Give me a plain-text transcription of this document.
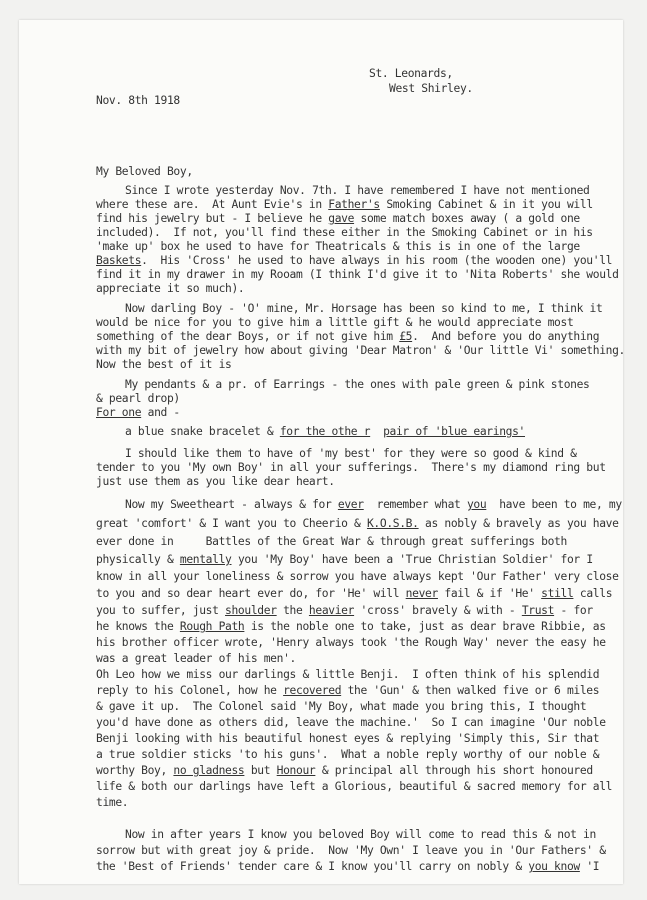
St. Leonards,
West Shirley.
Nov. 8th 1918
My Beloved Boy,
Since I wrote yesterday Nov. 7th. I have remembered I have not mentioned
where these are.  At Aunt Evie's in Father's Smoking Cabinet & in it you will
find his jewelry but - I believe he gave some match boxes away ( a gold one
included).  If not, you'll find these either in the Smoking Cabinet or in his
'make up' box he used to have for Theatricals & this is in one of the large
Baskets.  His 'Cross' he used to have always in his room (the wooden one) you'll
find it in my drawer in my Rooam (I think I'd give it to 'Nita Roberts' she would
appreciate it so much).
Now darling Boy - 'O' mine, Mr. Horsage has been so kind to me, I think it
would be nice for you to give him a little gift & he would appreciate most
something of the dear Boys, or if not give him £5.  And before you do anything
with my bit of jewelry how about giving 'Dear Matron' & 'Our little Vi' something.
Now the best of it is
My pendants & a pr. of Earrings - the ones with pale green & pink stones
& pearl drop)
For one and -
a blue snake bracelet & for the othe r pair of 'blue earings'
I should like them to have of 'my best' for they were so good & kind &
tender to you 'My own Boy' in all your sufferings.  There's my diamond ring but
just use them as you like dear heart.
Now my Sweetheart - always & for ever  remember what you  have been to me, my
great 'comfort' & I want you to Cheerio & K.O.S.B. as nobly & bravely as you have
ever done in     Battles of the Great War & through great sufferings both
physically & mentally you 'My Boy' have been a 'True Christian Soldier' for I
know in all your loneliness & sorrow you have always kept 'Our Father' very close
to you and so dear heart ever do, for 'He' will never fail & if 'He' still calls
you to suffer, just shoulder the heavier 'cross' bravely & with - Trust - for
he knows the Rough Path is the noble one to take, just as dear brave Ribbie, as
his brother officer wrote, 'Henry always took 'the Rough Way' never the easy he
was a great leader of his men'.
Oh Leo how we miss our darlings & little Benji.  I often think of his splendid
reply to his Colonel, how he recovered the 'Gun' & then walked five or 6 miles
& gave it up.  The Colonel said 'My Boy, what made you bring this, I thought
you'd have done as others did, leave the machine.'  So I can imagine 'Our noble
Benji looking with his beautiful honest eyes & replying 'Simply this, Sir that
a true soldier sticks 'to his guns'.  What a noble reply worthy of our noble &
worthy Boy, no gladness but Honour & principal all through his short honoured
life & both our darlings have left a Glorious, beautiful & sacred memory for all
time.
Now in after years I know you beloved Boy will come to read this & not in
sorrow but with great joy & pride.  Now 'My Own' I leave you in 'Our Fathers' &
the 'Best of Friends' tender care & I know you'll carry on nobly & you know 'I
